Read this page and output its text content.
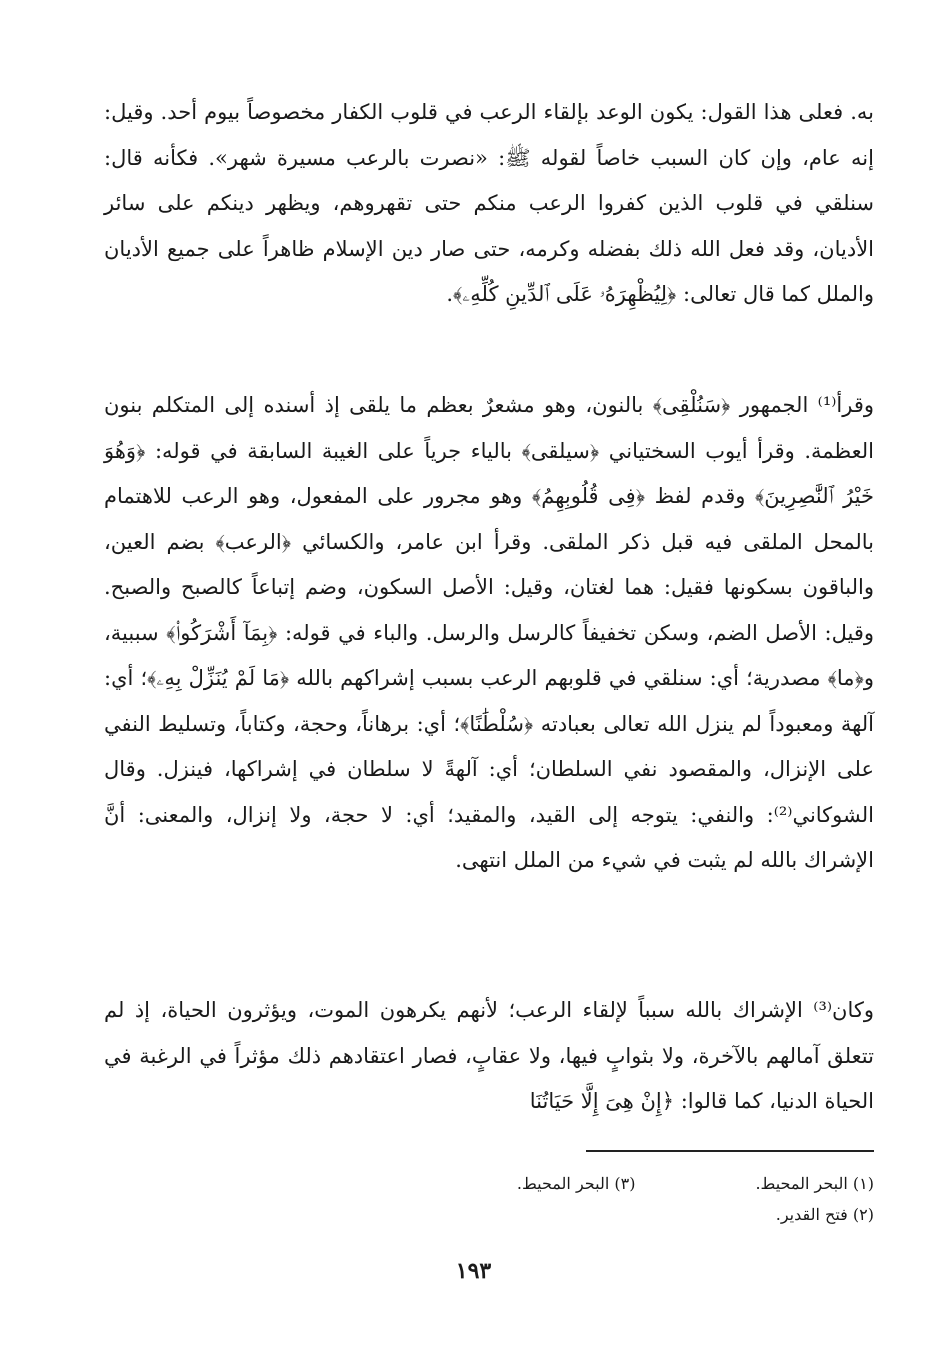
به. فعلى هذا القول: يكون الوعد بإلقاء الرعب في قلوب الكفار مخصوصاً بيوم أحد. وقيل: إنه عام، وإن كان السبب خاصاً لقوله ﷺ: «نصرت بالرعب مسيرة شهر». فكأنه قال: سنلقي في قلوب الذين كفروا الرعب منكم حتى تقهروهم، ويظهر دينكم على سائر الأديان، وقد فعل الله ذلك بفضله وكرمه، حتى صار دين الإسلام ظاهراً على جميع الأديان والملل كما قال تعالى: ﴿لِيُظْهِرَهُۥ عَلَى ٱلدِّينِ كُلِّهِۦ﴾.

وقرأ⁽¹⁾ الجمهور ﴿سَنُلْقِى﴾ بالنون، وهو مشعرٌ بعظم ما يلقى إذ أسنده إلى المتكلم بنون العظمة. وقرأ أيوب السختياني ﴿سيلقى﴾ بالياء جرياً على الغيبة السابقة في قوله: ﴿وَهُوَ خَيْرُ ٱلنَّٰصِرِينَ﴾ وقدم لفظ ﴿فِى قُلُوبِهِمُ﴾ وهو مجرور على المفعول، وهو الرعب للاهتمام بالمحل الملقى فيه قبل ذكر الملقى. وقرأ ابن عامر، والكسائي ﴿الرعب﴾ بضم العين، والباقون بسكونها فقيل: هما لغتان، وقيل: الأصل السكون، وضم إتباعاً كالصبح والصبح. وقيل: الأصل الضم، وسكن تخفيفاً كالرسل والرسل. والباء في قوله: ﴿بِمَآ أَشْرَكُوا۟﴾ سببية، و﴿ما﴾ مصدرية؛ أي: سنلقي في قلوبهم الرعب بسبب إشراكهم بالله ﴿مَا لَمْ يُنَزِّلْ بِهِۦ﴾؛ أي: آلهة ومعبوداً لم ينزل الله تعالى بعبادته ﴿سُلْطَٰنًا﴾؛ أي: برهاناً، وحجة، وكتاباً، وتسليط النفي على الإنزال، والمقصود نفي السلطان؛ أي: آلهةً لا سلطان في إشراكها، فينزل. وقال الشوكاني⁽²⁾: والنفي: يتوجه إلى القيد، والمقيد؛ أي: لا حجة، ولا إنزال، والمعنى: أنَّ الإشراك بالله لم يثبت في شيء من الملل انتهى.

وكان⁽³⁾ الإشراك بالله سبباً لإلقاء الرعب؛ لأنهم يكرهون الموت، ويؤثرون الحياة، إذ لم تتعلق آمالهم بالآخرة، ولا بثوابٍ فيها، ولا عقابٍ، فصار اعتقادهم ذلك مؤثراً في الرغبة في الحياة الدنيا، كما قالوا: ﴿إِنْ هِىَ إِلَّا حَيَاتُنَا

(١) البحر المحيط.
(٣) البحر المحيط.
(٢) فتح القدير.
١٩٣
